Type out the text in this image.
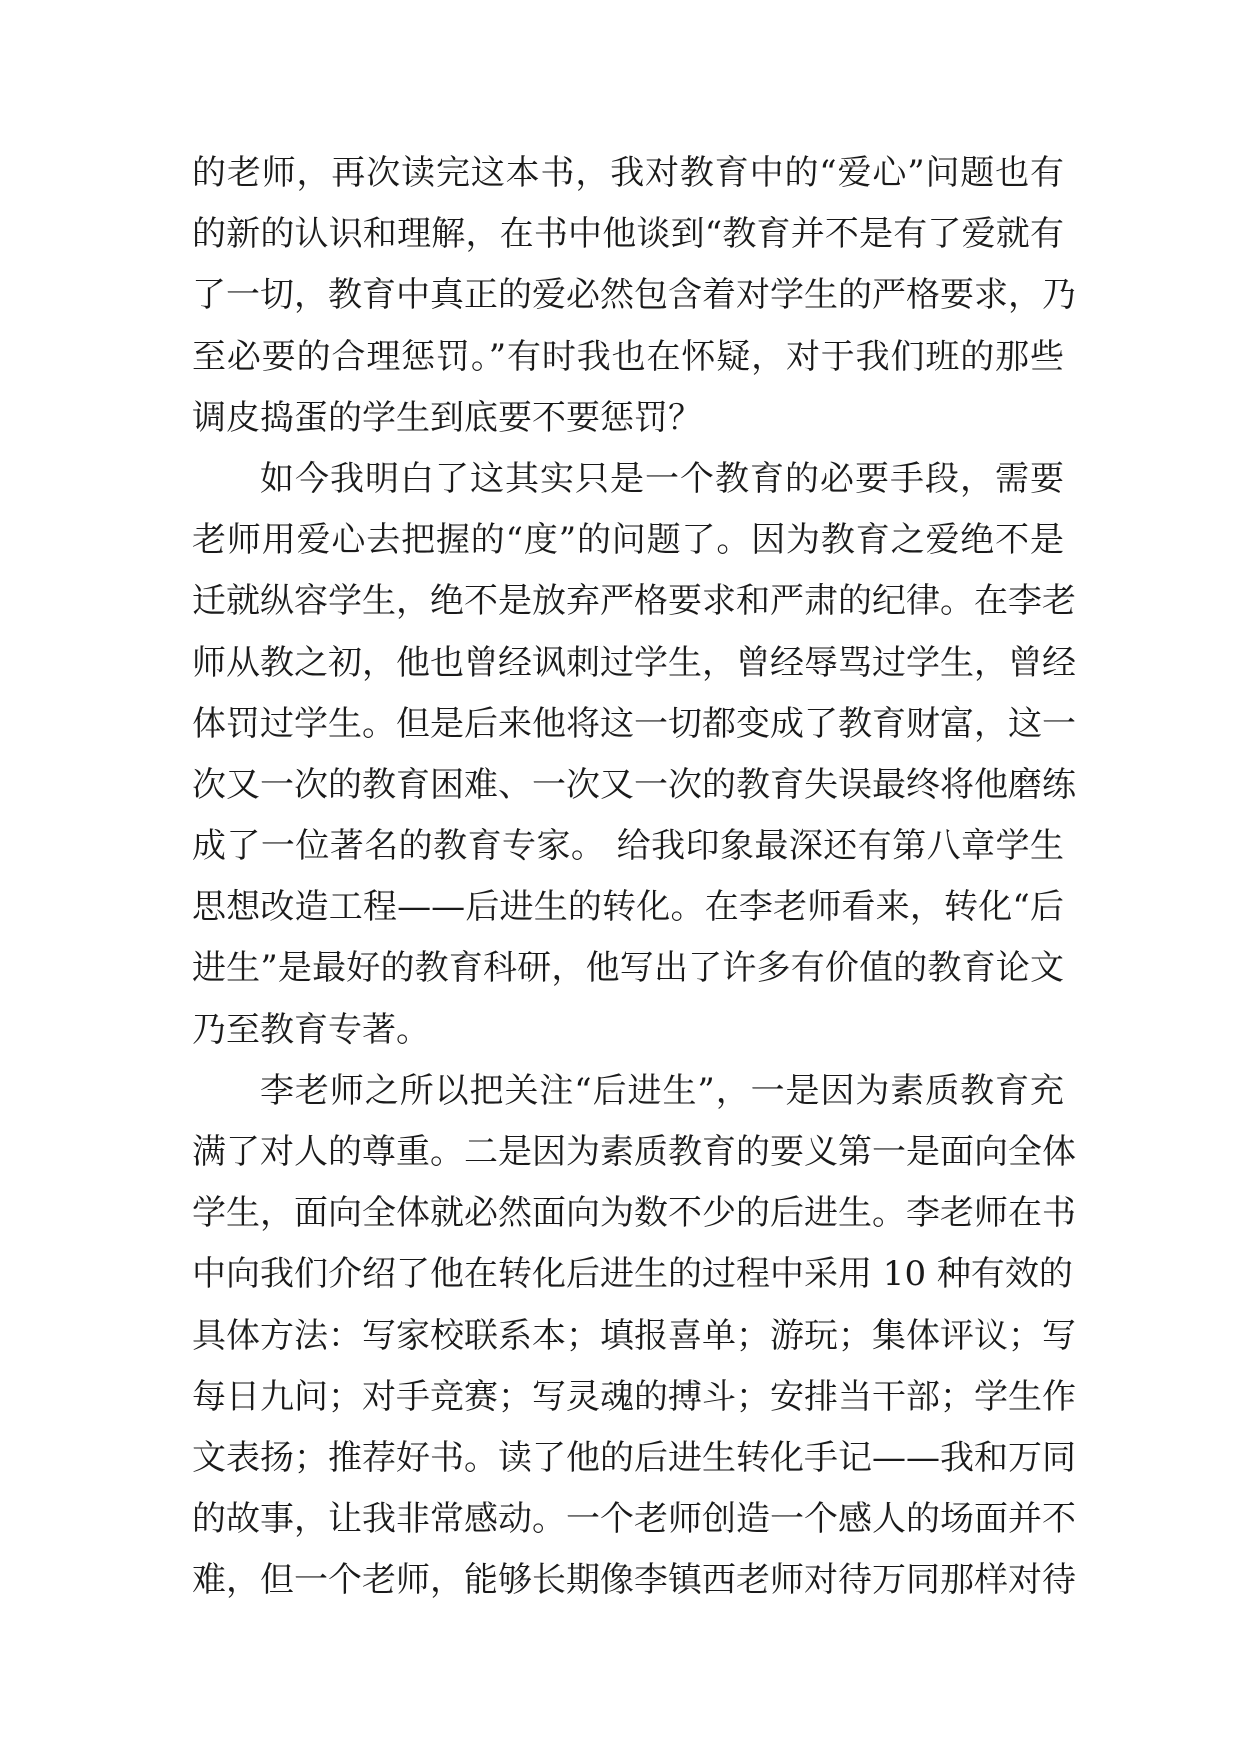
的老师，再次读完这本书，我对教育中的“爱心”问题也有
的新的认识和理解，在书中他谈到“教育并不是有了爱就有
了一切，教育中真正的爱必然包含着对学生的严格要求，乃
至必要的合理惩罚。”有时我也在怀疑，对于我们班的那些
调皮捣蛋的学生到底要不要惩罚？
如今我明白了这其实只是一个教育的必要手段，需要
老师用爱心去把握的“度”的问题了。因为教育之爱绝不是
迁就纵容学生，绝不是放弃严格要求和严肃的纪律。在李老
师从教之初，他也曾经讽刺过学生，曾经辱骂过学生，曾经
体罚过学生。但是后来他将这一切都变成了教育财富，这一
次又一次的教育困难、一次又一次的教育失误最终将他磨练
成了一位著名的教育专家。 给我印象最深还有第八章学生
思想改造工程——后进生的转化。在李老师看来，转化“后
进生”是最好的教育科研，他写出了许多有价值的教育论文
乃至教育专著。
李老师之所以把关注“后进生”，一是因为素质教育充
满了对人的尊重。二是因为素质教育的要义第一是面向全体
学生，面向全体就必然面向为数不少的后进生。李老师在书
中向我们介绍了他在转化后进生的过程中采用 10 种有效的
具体方法：写家校联系本；填报喜单；游玩；集体评议；写
每日九问；对手竞赛；写灵魂的搏斗；安排当干部；学生作
文表扬；推荐好书。读了他的后进生转化手记——我和万同
的故事，让我非常感动。一个老师创造一个感人的场面并不
难，但一个老师，能够长期像李镇西老师对待万同那样对待
